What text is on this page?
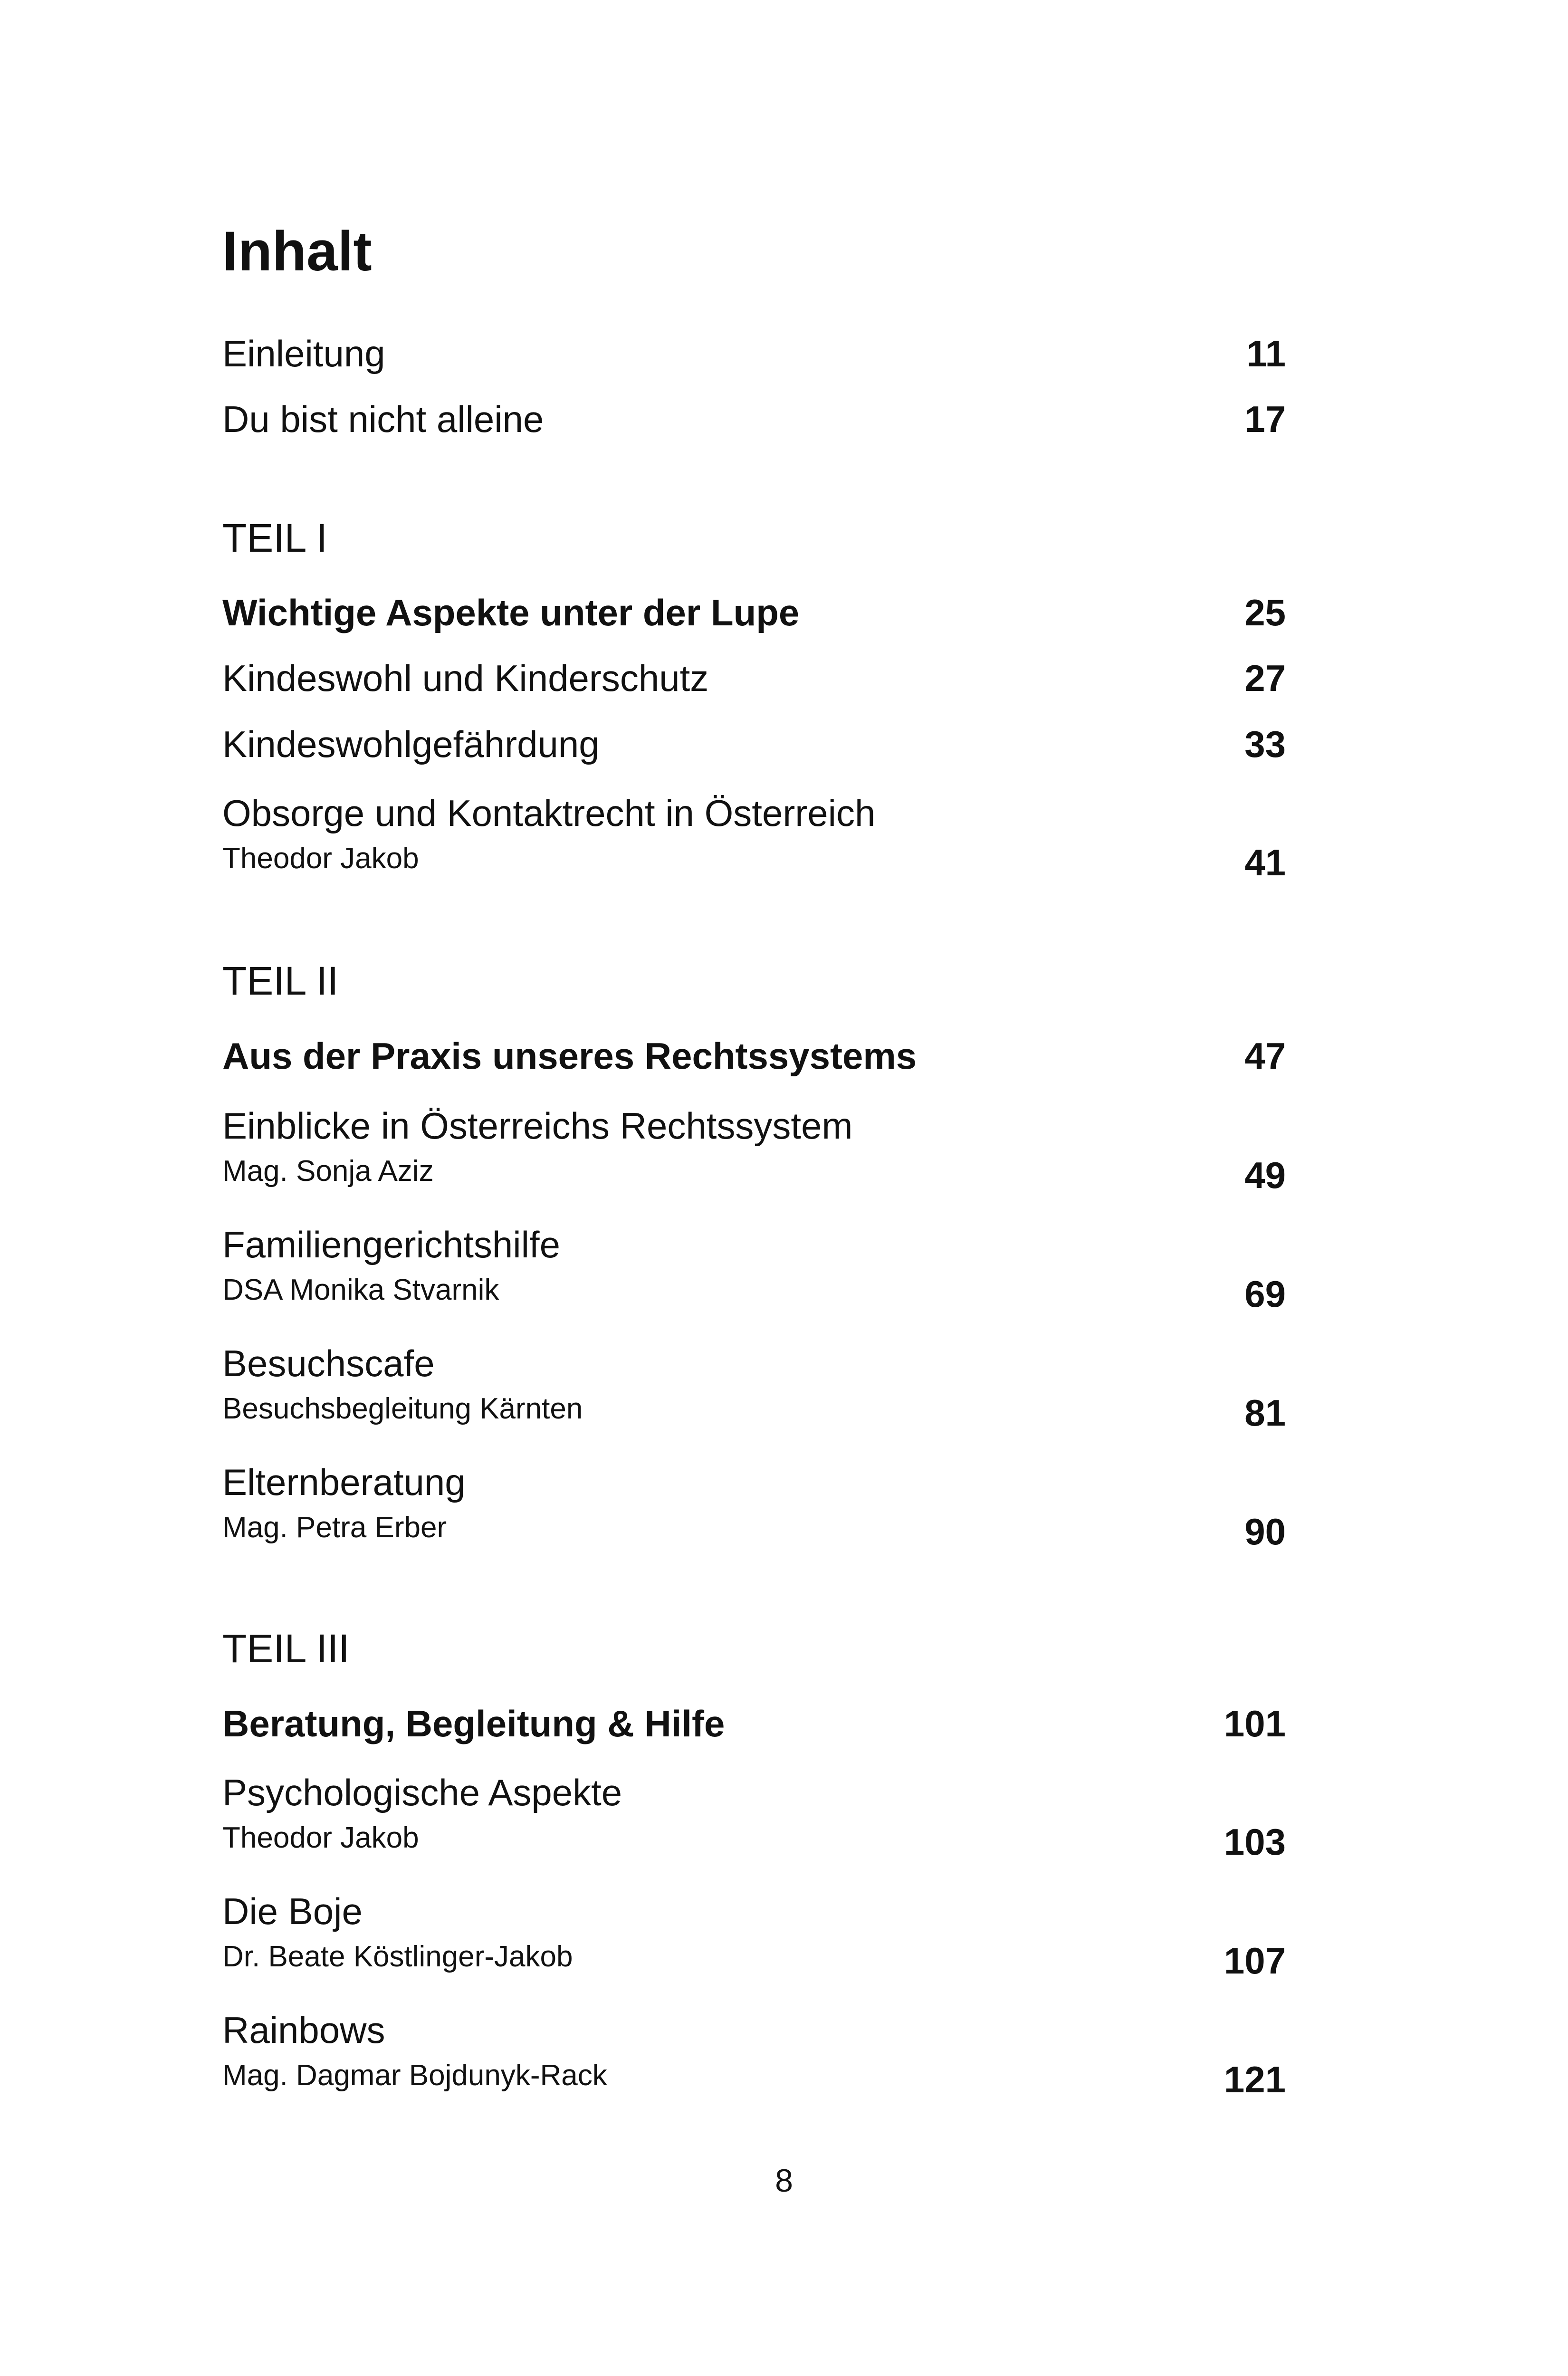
Inhalt
Einleitung	11
Du bist nicht alleine	17
TEIL I
Wichtige Aspekte unter der Lupe	25
Kindeswohl und Kinderschutz	27
Kindeswohlgefährdung	33
Obsorge und Kontaktrecht in Österreich
Theodor Jakob	41
TEIL II
Aus der Praxis unseres Rechtssystems	47
Einblicke in Österreichs Rechtssystem
Mag. Sonja Aziz	49
Familiengerichtshilfe
DSA Monika Stvarnik	69
Besuchscafe
Besuchsbegleitung Kärnten	81
Elternberatung
Mag. Petra Erber	90
TEIL III
Beratung, Begleitung & Hilfe	101
Psychologische Aspekte
Theodor Jakob	103
Die Boje
Dr. Beate Köstlinger-Jakob	107
Rainbows
Mag. Dagmar Bojdunyk-Rack	121
8
